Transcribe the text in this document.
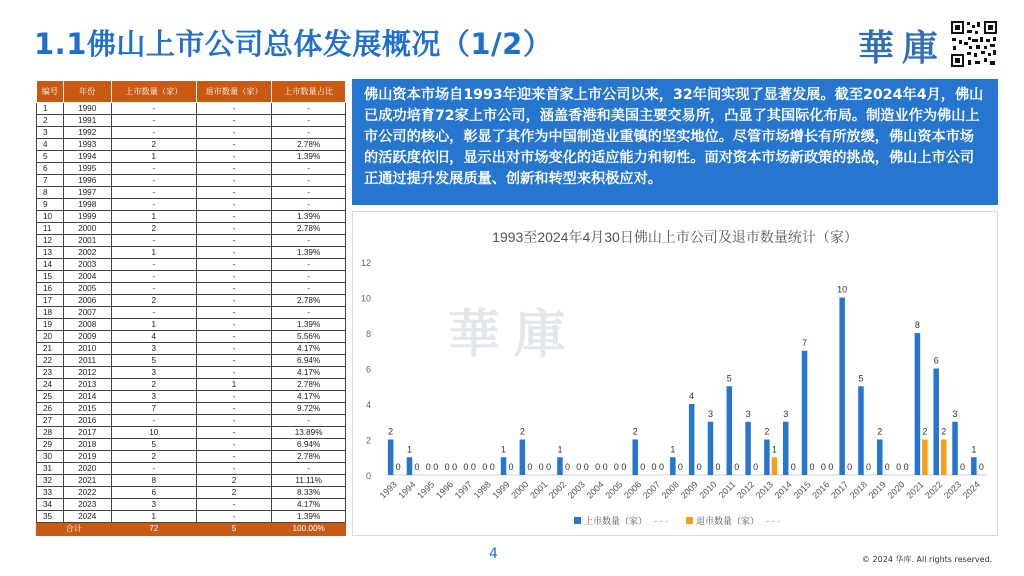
1.1佛山上市公司总体发展概况（1/2）	華庫
编号	年份	上市数量（家）	退市数量（家）	上市数量占比
1	1990	-	-	-
2	1991	-	-	-
3	1992	-	-	-
4	1993	2	-	2.78%
5	1994	1	-	1.39%
6	1995	-	-	-
7	1996	-	-	-
8	1997	-	-	-
9	1998	-	-	-
10	1999	1	-	1.39%
11	2000	2	-	2.78%
12	2001	-	-	-
13	2002	1	-	1.39%
14	2003	-	-	-
15	2004	-	-	-
16	2005	-	-	-
17	2006	2	-	2.78%
18	2007	-	-	-
19	2008	1	-	1.39%
20	2009	4	-	5.56%
21	2010	3	-	4.17%
22	2011	5	-	6.94%
23	2012	3	-	4.17%
24	2013	2	1	2.78%
25	2014	3	-	4.17%
26	2015	7	-	9.72%
27	2016	-	-	-
28	2017	10	-	13.89%
29	2018	5	-	6.94%
30	2019	2	-	2.78%
31	2020	-	-	-
32	2021	8	2	11.11%
33	2022	6	2	8.33%
34	2023	3	-	4.17%
35	2024	1	-	1.39%
合计		72	5	100.00%
佛山资本市场自1993年迎来首家上市公司以来，32年间实现了显著发展。截至2024年4月，佛山已成功培育72家上市公司，涵盖香港和美国主要交易所，凸显了其国际化布局。制造业作为佛山上市公司的核心，彰显了其作为中国制造业重镇的坚实地位。尽管市场增长有所放缓，佛山资本市场的活跃度依旧，显示出对市场变化的适应能力和韧性。面对资本市场新政策的挑战，佛山上市公司正通过提升发展质量、创新和转型来积极应对。
華庫
1993至2024年4月30日佛山上市公司及退市数量统计（家）
0
2
4
6
8
10
12
2
0
1993
1
0
1994
0 0
1995
0 0
1996
0 0
1997
0 0
1998
1
0
1999
2
0
2000
0 0
2001
1
0
2002
0 0
2003
0 0
2004
0 0
2005
2
0
2006
0 0
2007
1
0
2008
4
0
2009
3
0
2010
5
0
2011
3
0
2012
2
1
2013
3
0
2014
7
0
2015
0 0
2016
10
0
2017
5
0
2018
2
0
2019
0 0
2020
8
2
2021
6
2
2022
3
0
2023
1
0
2024
上市数量（家） - - -	退市数量（家） - - -
4	© 2024 华库. All rights reserved.
